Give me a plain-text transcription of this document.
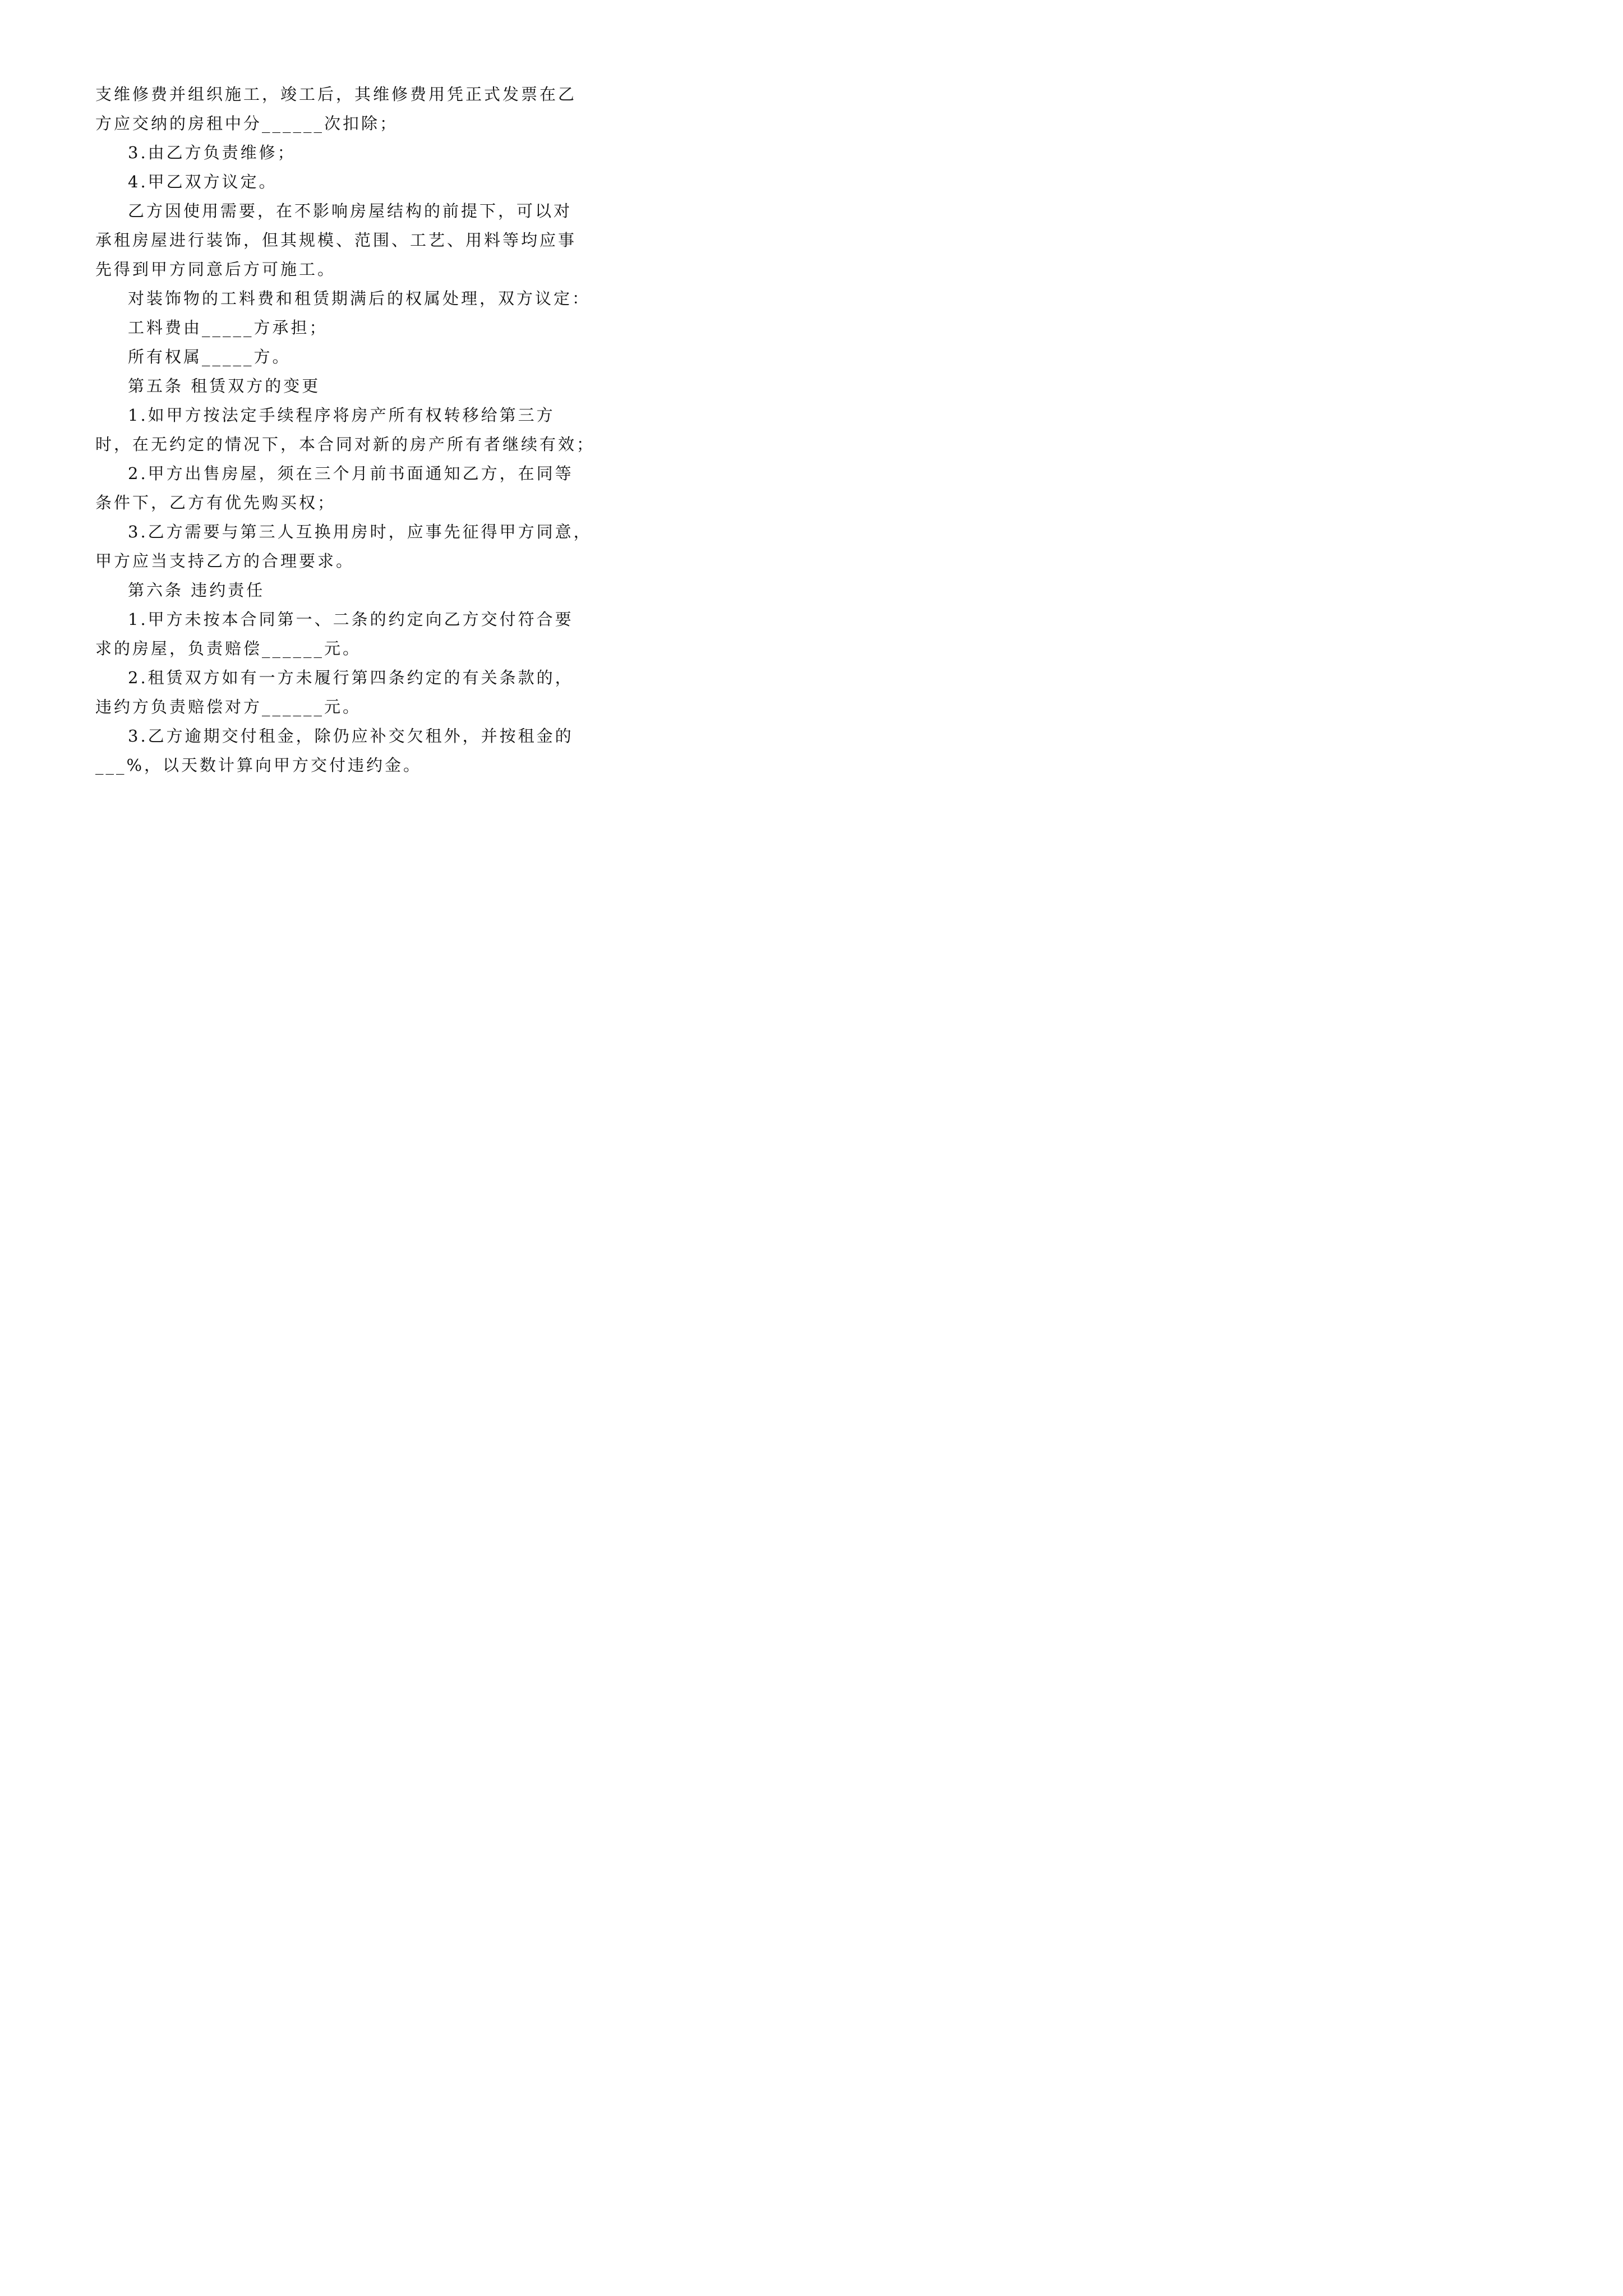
支维修费并组织施工，竣工后，其维修费用凭正式发票在乙
方应交纳的房租中分______次扣除；
3.由乙方负责维修；
4.甲乙双方议定。
乙方因使用需要，在不影响房屋结构的前提下，可以对
承租房屋进行装饰，但其规模、范围、工艺、用料等均应事
先得到甲方同意后方可施工。
对装饰物的工料费和租赁期满后的权属处理，双方议定：
工料费由_____方承担；
所有权属_____方。
第五条 租赁双方的变更
1.如甲方按法定手续程序将房产所有权转移给第三方
时，在无约定的情况下，本合同对新的房产所有者继续有效；
2.甲方出售房屋，须在三个月前书面通知乙方，在同等
条件下，乙方有优先购买权；
3.乙方需要与第三人互换用房时，应事先征得甲方同意，
甲方应当支持乙方的合理要求。
第六条 违约责任
1.甲方未按本合同第一、二条的约定向乙方交付符合要
求的房屋，负责赔偿______元。
2.租赁双方如有一方未履行第四条约定的有关条款的，
违约方负责赔偿对方______元。
3.乙方逾期交付租金，除仍应补交欠租外，并按租金的
___%，以天数计算向甲方交付违约金。
